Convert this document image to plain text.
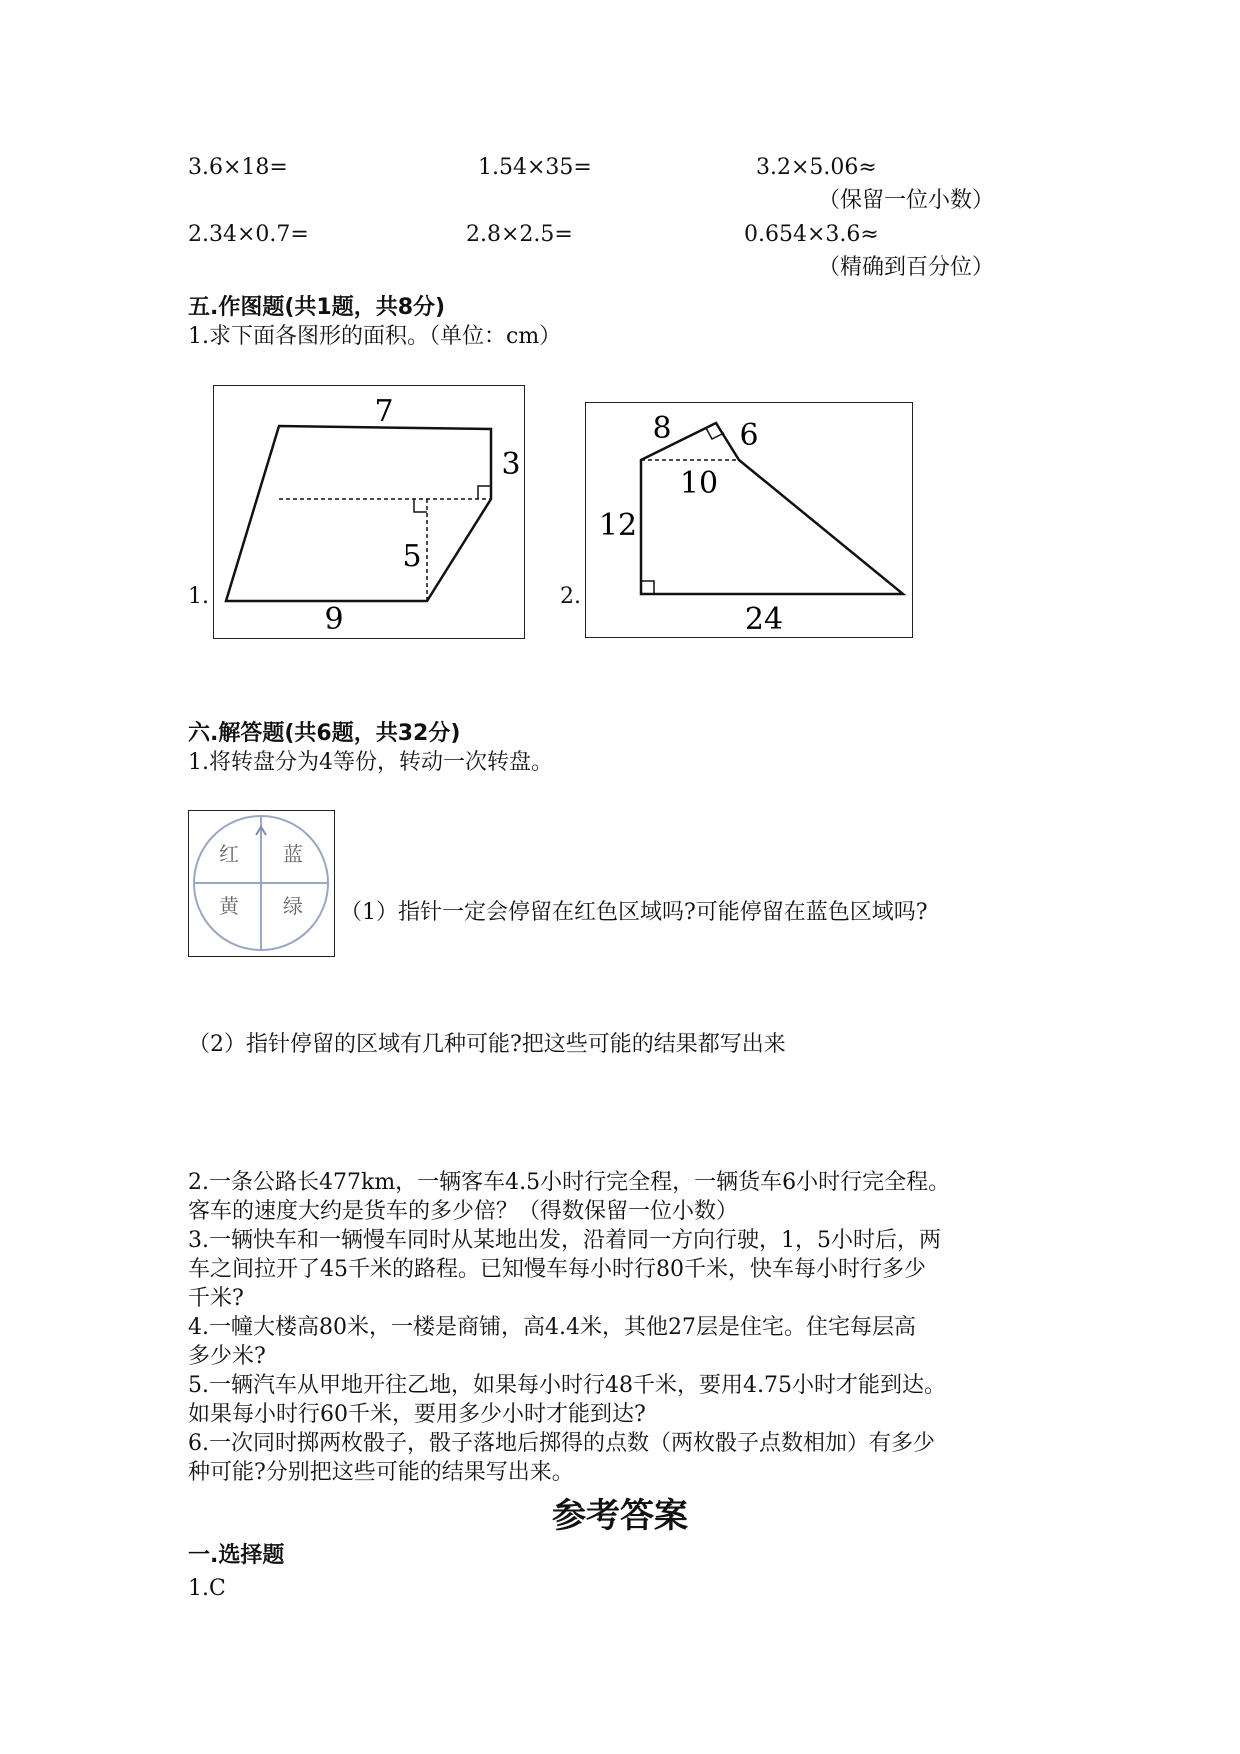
3.6×18=	1.54×35=	3.2×5.06≈
（保留一位小数）
2.34×0.7=	2.8×2.5=	0.654×3.6≈
（精确到百分位）
五.作图题(共1题，共8分)
1.求下面各图形的面积。（单位：cm）
1.
7
3
5
9
2.
8 6
10
12
24
六.解答题(共6题，共32分)
1.将转盘分为4等份，转动一次转盘。
红 蓝
黄 绿 （1）指针一定会停留在红色区域吗?可能停留在蓝色区域吗?
（2）指针停留的区域有几种可能?把这些可能的结果都写出来
2.一条公路长477km，一辆客车4.5小时行完全程，一辆货车6小时行完全程。
客车的速度大约是货车的多少倍？（得数保留一位小数）
3.一辆快车和一辆慢车同时从某地出发，沿着同一方向行驶，1，5小时后，两
车之间拉开了45千米的路程。已知慢车每小时行80千米，快车每小时行多少
千米?
4.一幢大楼高80米，一楼是商铺，高4.4米，其他27层是住宅。住宅每层高
多少米?
5.一辆汽车从甲地开往乙地，如果每小时行48千米，要用4.75小时才能到达。
如果每小时行60千米，要用多少小时才能到达?
6.一次同时掷两枚骰子，骰子落地后掷得的点数（两枚骰子点数相加）有多少
种可能?分别把这些可能的结果写出来。
参考答案
一.选择题
1.C
